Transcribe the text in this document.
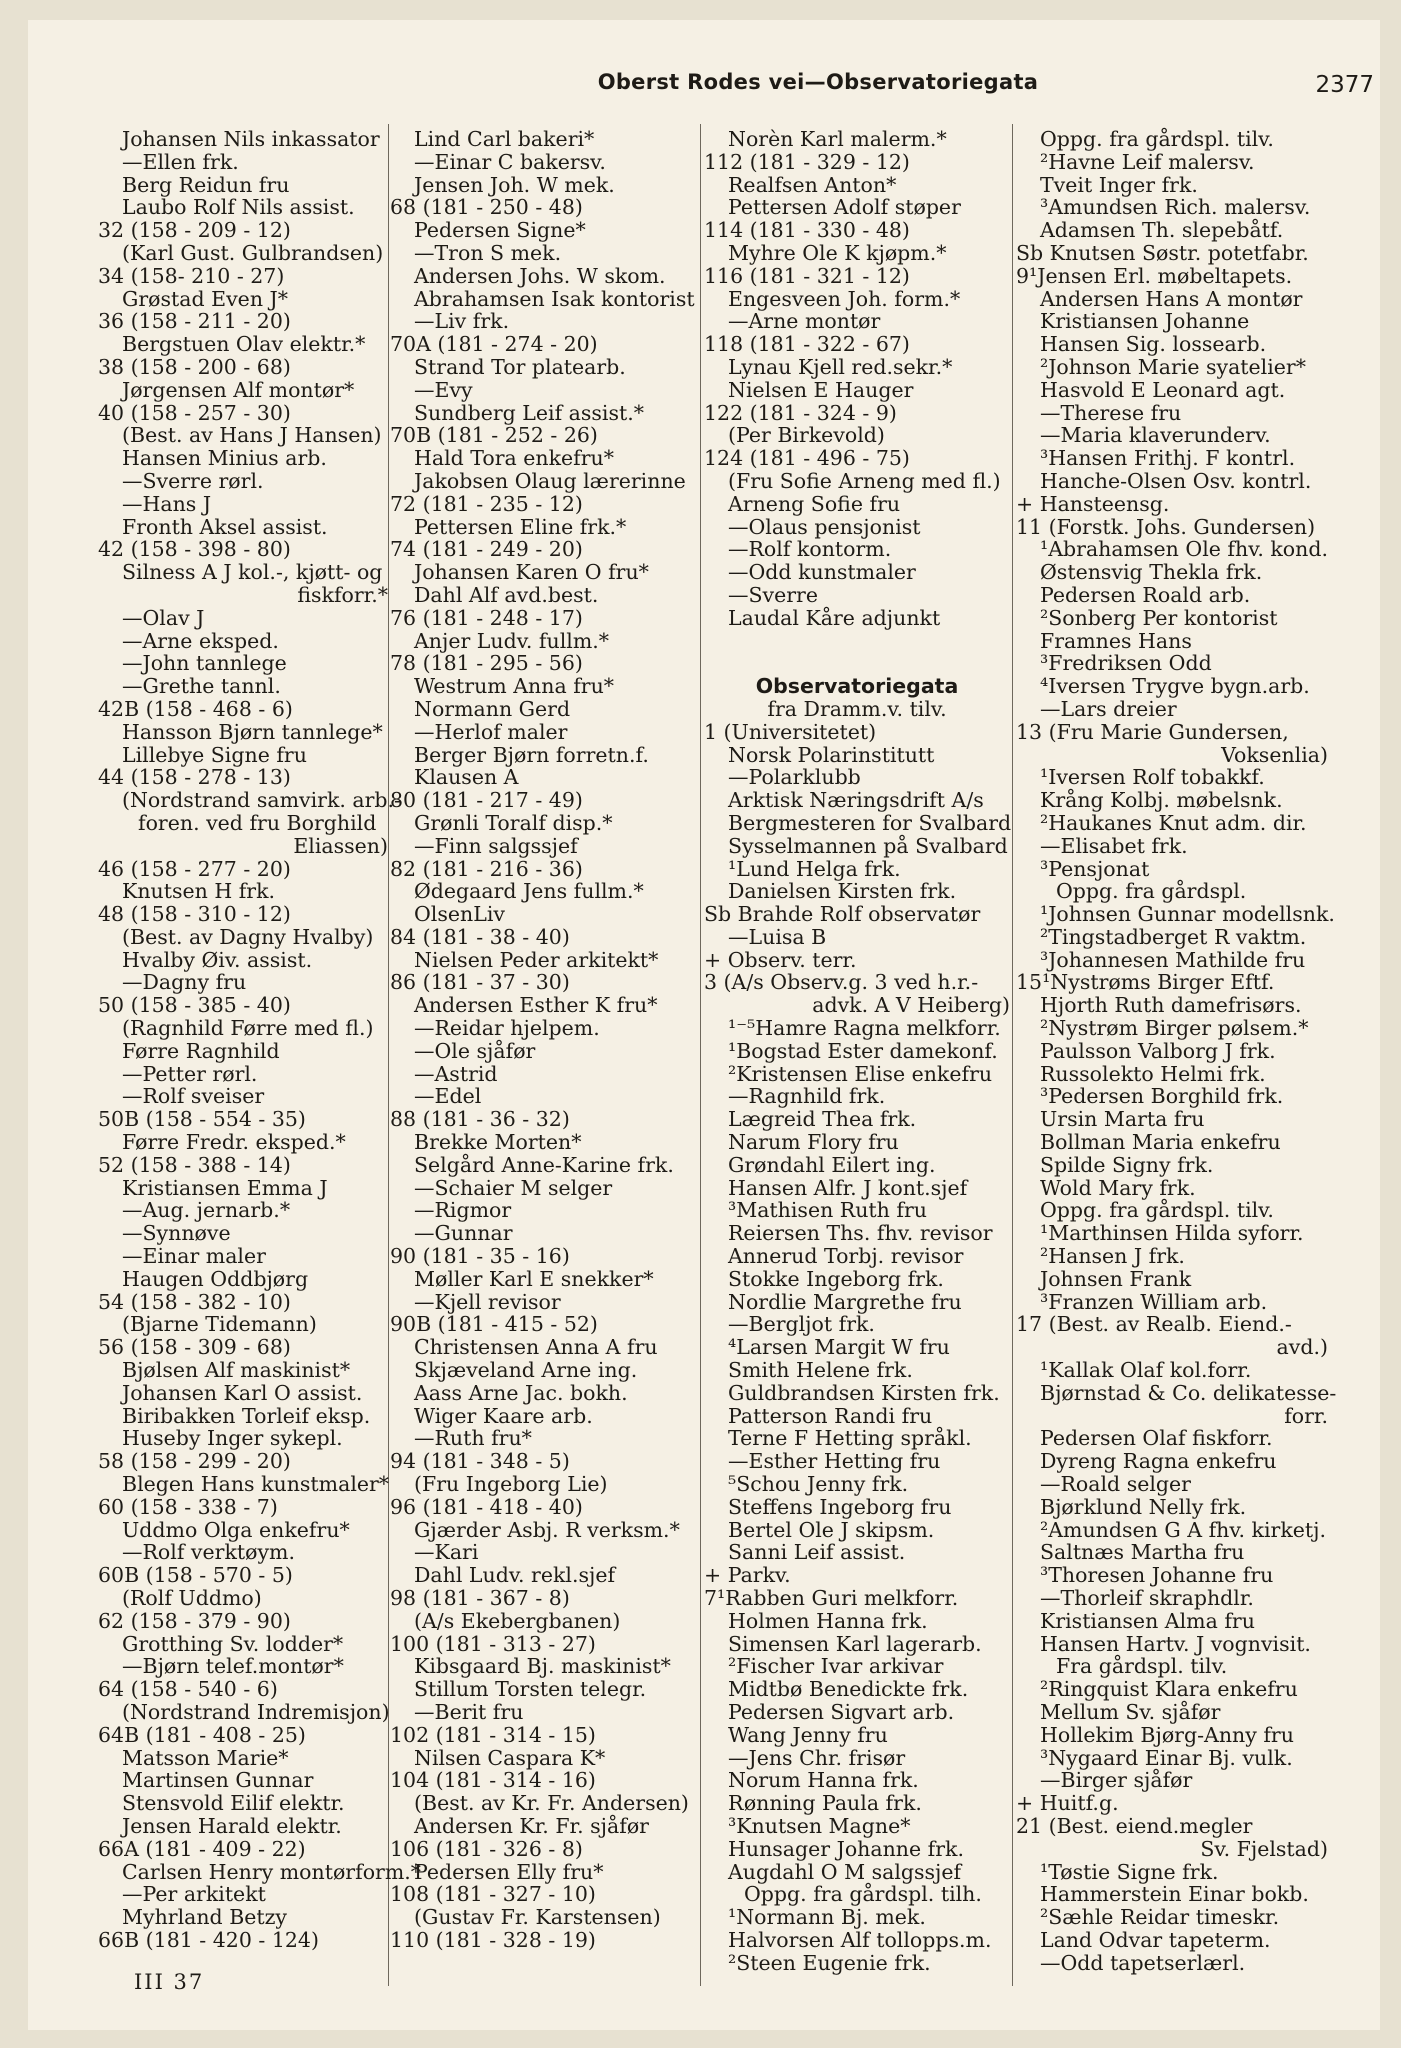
Oberst Rodes vei—Observatoriegata	2377
Johansen Nils inkassator
—Ellen frk.
Berg Reidun fru
Laubo Rolf Nils assist.
32 (158 - 209 - 12)
(Karl Gust. Gulbrandsen)
34 (158- 210 - 27)
Grøstad Even J*
36 (158 - 211 - 20)
Bergstuen Olav elektr.*
38 (158 - 200 - 68)
Jørgensen Alf montør*
40 (158 - 257 - 30)
(Best. av Hans J Hansen)
Hansen Minius arb.
—Sverre rørl.
—Hans J
Fronth Aksel assist.
42 (158 - 398 - 80)
Silness A J kol.-, kjøtt- og
fiskforr.*
—Olav J
—Arne eksped.
—John tannlege
—Grethe tannl.
42B (158 - 468 - 6)
Hansson Bjørn tannlege*
Lillebye Signe fru
44 (158 - 278 - 13)
(Nordstrand samvirk. arb.-
foren. ved fru Borghild
Eliassen)
46 (158 - 277 - 20)
Knutsen H frk.
48 (158 - 310 - 12)
(Best. av Dagny Hvalby)
Hvalby Øiv. assist.
—Dagny fru
50 (158 - 385 - 40)
(Ragnhild Førre med fl.)
Førre Ragnhild
—Petter rørl.
—Rolf sveiser
50B (158 - 554 - 35)
Førre Fredr. eksped.*
52 (158 - 388 - 14)
Kristiansen Emma J
—Aug. jernarb.*
—Synnøve
—Einar maler
Haugen Oddbjørg
54 (158 - 382 - 10)
(Bjarne Tidemann)
56 (158 - 309 - 68)
Bjølsen Alf maskinist*
Johansen Karl O assist.
Biribakken Torleif eksp.
Huseby Inger sykepl.
58 (158 - 299 - 20)
Blegen Hans kunstmaler*
60 (158 - 338 - 7)
Uddmo Olga enkefru*
—Rolf verktøym.
60B (158 - 570 - 5)
(Rolf Uddmo)
62 (158 - 379 - 90)
Grotthing Sv. lodder*
—Bjørn telef.montør*
64 (158 - 540 - 6)
(Nordstrand Indremisjon)
64B (181 - 408 - 25)
Matsson Marie*
Martinsen Gunnar
Stensvold Eilif elektr.
Jensen Harald elektr.
66A (181 - 409 - 22)
Carlsen Henry montørform.*
—Per arkitekt
Myhrland Betzy
66B (181 - 420 - 124)
Lind Carl bakeri*
—Einar C bakersv.
Jensen Joh. W mek.
68 (181 - 250 - 48)
Pedersen Signe*
—Tron S mek.
Andersen Johs. W skom.
Abrahamsen Isak kontorist
—Liv frk.
70A (181 - 274 - 20)
Strand Tor platearb.
—Evy
Sundberg Leif assist.*
70B (181 - 252 - 26)
Hald Tora enkefru*
Jakobsen Olaug lærerinne
72 (181 - 235 - 12)
Pettersen Eline frk.*
74 (181 - 249 - 20)
Johansen Karen O fru*
Dahl Alf avd.best.
76 (181 - 248 - 17)
Anjer Ludv. fullm.*
78 (181 - 295 - 56)
Westrum Anna fru*
Normann Gerd
—Herlof maler
Berger Bjørn forretn.f.
Klausen A
80 (181 - 217 - 49)
Grønli Toralf disp.*
—Finn salgssjef
82 (181 - 216 - 36)
Ødegaard Jens fullm.*
OlsenLiv
84 (181 - 38 - 40)
Nielsen Peder arkitekt*
86 (181 - 37 - 30)
Andersen Esther K fru*
—Reidar hjelpem.
—Ole sjåfør
—Astrid
—Edel
88 (181 - 36 - 32)
Brekke Morten*
Selgård Anne-Karine frk.
—Schaier M selger
—Rigmor
—Gunnar
90 (181 - 35 - 16)
Møller Karl E snekker*
—Kjell revisor
90B (181 - 415 - 52)
Christensen Anna A fru
Skjæveland Arne ing.
Aass Arne Jac. bokh.
Wiger Kaare arb.
—Ruth fru*
94 (181 - 348 - 5)
(Fru Ingeborg Lie)
96 (181 - 418 - 40)
Gjærder Asbj. R verksm.*
—Kari
Dahl Ludv. rekl.sjef
98 (181 - 367 - 8)
(A/s Ekebergbanen)
100 (181 - 313 - 27)
Kibsgaard Bj. maskinist*
Stillum Torsten telegr.
—Berit fru
102 (181 - 314 - 15)
Nilsen Caspara K*
104 (181 - 314 - 16)
(Best. av Kr. Fr. Andersen)
Andersen Kr. Fr. sjåfør
106 (181 - 326 - 8)
Pedersen Elly fru*
108 (181 - 327 - 10)
(Gustav Fr. Karstensen)
110 (181 - 328 - 19)
Norèn Karl malerm.*
112 (181 - 329 - 12)
Realfsen Anton*
Pettersen Adolf støper
114 (181 - 330 - 48)
Myhre Ole K kjøpm.*
116 (181 - 321 - 12)
Engesveen Joh. form.*
—Arne montør
118 (181 - 322 - 67)
Lynau Kjell red.sekr.*
Nielsen E Hauger
122 (181 - 324 - 9)
(Per Birkevold)
124 (181 - 496 - 75)
(Fru Sofie Arneng med fl.)
Arneng Sofie fru
—Olaus pensjonist
—Rolf kontorm.
—Odd kunstmaler
—Sverre
Laudal Kåre adjunkt
Observatoriegata
fra Dramm.v. tilv.
1 (Universitetet)
Norsk Polarinstitutt
—Polarklubb
Arktisk Næringsdrift A/s
Bergmesteren for Svalbard
Sysselmannen på Svalbard
¹Lund Helga frk.
Danielsen Kirsten frk.
Sb Brahde Rolf observatør
—Luisa B
+ Observ. terr.
3 (A/s Observ.g. 3 ved h.r.-
advk. A V Heiberg)
¹⁻⁵Hamre Ragna melkforr.
¹Bogstad Ester damekonf.
²Kristensen Elise enkefru
—Ragnhild frk.
Lægreid Thea frk.
Narum Flory fru
Grøndahl Eilert ing.
Hansen Alfr. J kont.sjef
³Mathisen Ruth fru
Reiersen Ths. fhv. revisor
Annerud Torbj. revisor
Stokke Ingeborg frk.
Nordlie Margrethe fru
—Bergljot frk.
⁴Larsen Margit W fru
Smith Helene frk.
Guldbrandsen Kirsten frk.
Patterson Randi fru
Terne F Hetting språkl.
—Esther Hetting fru
⁵Schou Jenny frk.
Steffens Ingeborg fru
Bertel Ole J skipsm.
Sanni Leif assist.
+ Parkv.
7¹Rabben Guri melkforr.
Holmen Hanna frk.
Simensen Karl lagerarb.
²Fischer Ivar arkivar
Midtbø Benedickte frk.
Pedersen Sigvart arb.
Wang Jenny fru
—Jens Chr. frisør
Norum Hanna frk.
Rønning Paula frk.
³Knutsen Magne*
Hunsager Johanne frk.
Augdahl O M salgssjef
Oppg. fra gårdspl. tilh.
¹Normann Bj. mek.
Halvorsen Alf tollopps.m.
²Steen Eugenie frk.
Oppg. fra gårdspl. tilv.
²Havne Leif malersv.
Tveit Inger frk.
³Amundsen Rich. malersv.
Adamsen Th. slepebåtf.
Sb Knutsen Søstr. potetfabr.
9¹Jensen Erl. møbeltapets.
Andersen Hans A montør
Kristiansen Johanne
Hansen Sig. lossearb.
²Johnson Marie syatelier*
Hasvold E Leonard agt.
—Therese fru
—Maria klaverunderv.
³Hansen Frithj. F kontrl.
Hanche-Olsen Osv. kontrl.
+ Hansteensg.
11 (Forstk. Johs. Gundersen)
¹Abrahamsen Ole fhv. kond.
Østensvig Thekla frk.
Pedersen Roald arb.
²Sonberg Per kontorist
Framnes Hans
³Fredriksen Odd
⁴Iversen Trygve bygn.arb.
—Lars dreier
13 (Fru Marie Gundersen,
Voksenlia)
¹Iversen Rolf tobakkf.
Krång Kolbj. møbelsnk.
²Haukanes Knut adm. dir.
—Elisabet frk.
³Pensjonat
Oppg. fra gårdspl.
¹Johnsen Gunnar modellsnk.
²Tingstadberget R vaktm.
³Johannesen Mathilde fru
15¹Nystrøms Birger Eftf.
Hjorth Ruth damefrisørs.
²Nystrøm Birger pølsem.*
Paulsson Valborg J frk.
Russolekto Helmi frk.
³Pedersen Borghild frk.
Ursin Marta fru
Bollman Maria enkefru
Spilde Signy frk.
Wold Mary frk.
Oppg. fra gårdspl. tilv.
¹Marthinsen Hilda syforr.
²Hansen J frk.
Johnsen Frank
³Franzen William arb.
17 (Best. av Realb. Eiend.-
avd.)
¹Kallak Olaf kol.forr.
Bjørnstad & Co. delikatesse-
forr.
Pedersen Olaf fiskforr.
Dyreng Ragna enkefru
—Roald selger
Bjørklund Nelly frk.
²Amundsen G A fhv. kirketj.
Saltnæs Martha fru
³Thoresen Johanne fru
—Thorleif skraphdlr.
Kristiansen Alma fru
Hansen Hartv. J vognvisit.
Fra gårdspl. tilv.
²Ringquist Klara enkefru
Mellum Sv. sjåfør
Hollekim Bjørg-Anny fru
³Nygaard Einar Bj. vulk.
—Birger sjåfør
+ Huitf.g.
21 (Best. eiend.megler
Sv. Fjelstad)
¹Tøstie Signe frk.
Hammerstein Einar bokb.
²Sæhle Reidar timeskr.
Land Odvar tapeterm.
—Odd tapetserlærl.
III 37
